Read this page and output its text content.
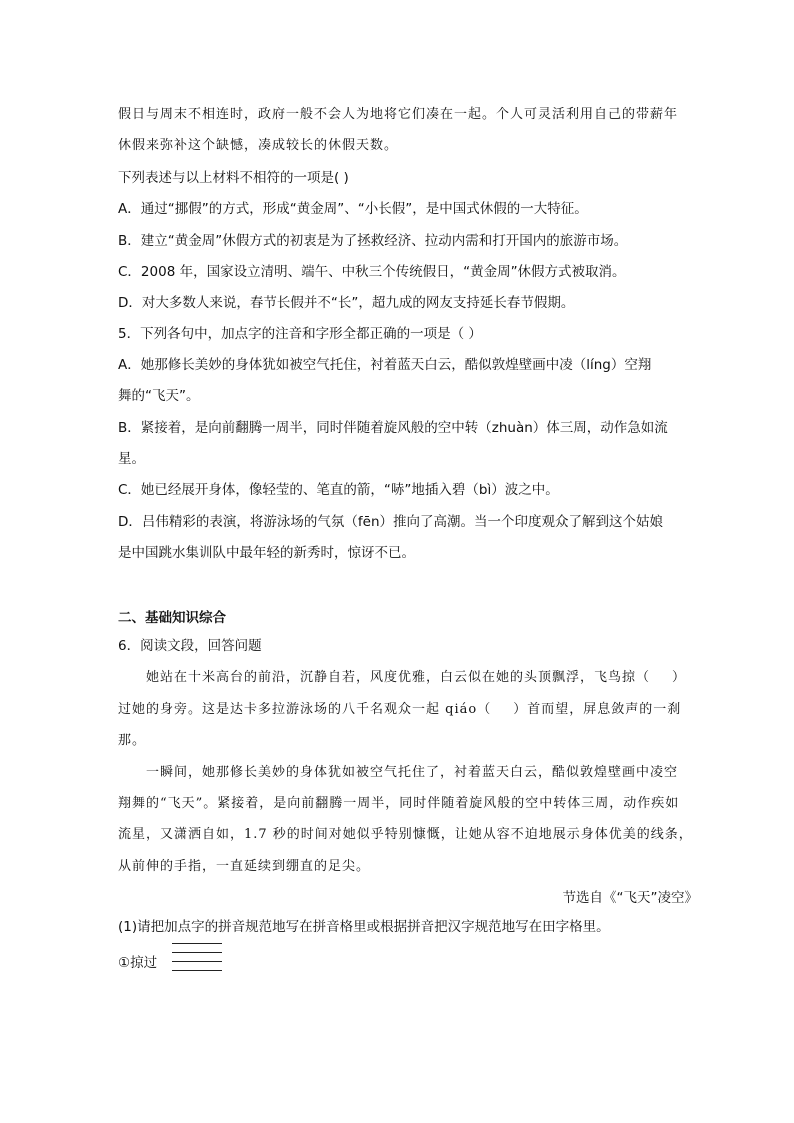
假日与周末不相连时，政府一般不会人为地将它们凑在一起。个人可灵活利用自己的带薪年
休假来弥补这个缺憾，凑成较长的休假天数。
下列表述与以上材料不相符的一项是( )
A．通过“挪假”的方式，形成“黄金周”、“小长假”，是中国式休假的一大特征。
B．建立“黄金周”休假方式的初衷是为了拯救经济、拉动内需和打开国内的旅游市场。
C．2008 年，国家设立清明、端午、中秋三个传统假日，“黄金周”休假方式被取消。
D．对大多数人来说，春节长假并不“长”，超九成的网友支持延长春节假期。
5．下列各句中，加点字的注音和字形全都正确的一项是（ ）
A．她那修长美妙的身体犹如被空气托住，衬着蓝天白云，酷似敦煌壁画中凌（líng）空翔
舞的“飞天”。
B．紧接着，是向前翻腾一周半，同时伴随着旋风般的空中转（zhuàn）体三周，动作急如流
星。
C．她已经展开身体，像轻莹的、笔直的箭，“哧”地插入碧（bì）波之中。
D．吕伟精彩的表演，将游泳场的气氛（fēn）推向了高潮。当一个印度观众了解到这个姑娘
是中国跳水集训队中最年轻的新秀时，惊讶不已。
二、基础知识综合
6．阅读文段，回答问题
她站在十米高台的前沿，沉静自若，风度优雅，白云似在她的头顶飘浮，飞鸟掠（ ）
过她的身旁。这是达卡多拉游泳场的八千名观众一起 qiáo（ ）首而望，屏息敛声的一刹
那。
一瞬间，她那修长美妙的身体犹如被空气托住了，衬着蓝天白云，酷似敦煌壁画中凌空
翔舞的“飞天”。紧接着，是向前翻腾一周半，同时伴随着旋风般的空中转体三周，动作疾如
流星，又潇洒自如，1.7 秒的时间对她似乎特别慷慨，让她从容不迫地展示身体优美的线条，
从前伸的手指，一直延续到绷直的足尖。
节选自《“飞天”凌空》
(1)请把加点字的拼音规范地写在拼音格里或根据拼音把汉字规范地写在田字格里。
①掠过
